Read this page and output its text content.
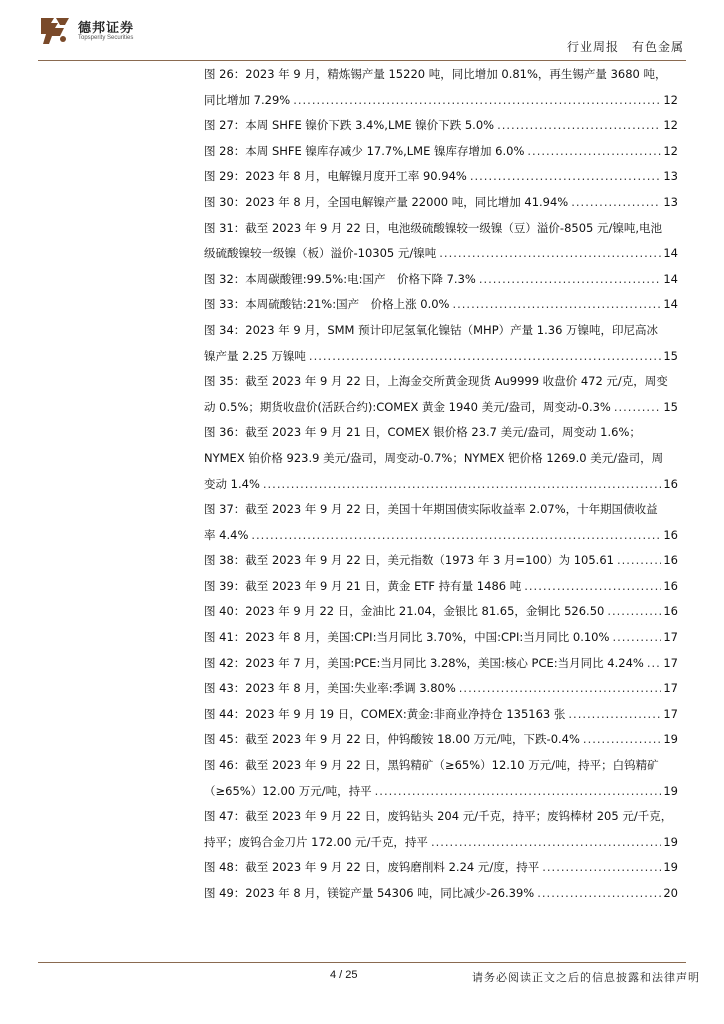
德邦证券
Topsperity Securities
行业周报　有色金属
图 26：2023 年 9 月，精炼锡产量 15220 吨，同比增加 0.81%，再生锡产量 3680 吨，
同比增加 7.29% .....	12
图 27：本周 SHFE 镍价下跌 3.4%,LME 镍价下跌 5.0% .....	12
图 28：本周 SHFE 镍库存减少 17.7%,LME 镍库存增加 6.0% .....	12
图 29：2023 年 8 月，电解镍月度开工率 90.94% .....	13
图 30：2023 年 8 月，全国电解镍产量 22000 吨，同比增加 41.94% .....	13
图 31：截至 2023 年 9 月 22 日，电池级硫酸镍较一级镍（豆）溢价-8505 元/镍吨,电池
级硫酸镍较一级镍（板）溢价-10305 元/镍吨 .....	14
图 32：本周碳酸锂:99.5%:电:国产　价格下降 7.3% .....	14
图 33：本周硫酸钴:21%:国产　价格上涨 0.0% .....	14
图 34：2023 年 9 月，SMM 预计印尼氢氧化镍钴（MHP）产量 1.36 万镍吨，印尼高冰
镍产量 2.25 万镍吨 .....	15
图 35：截至 2023 年 9 月 22 日，上海金交所黄金现货 Au9999 收盘价 472 元/克，周变
动 0.5%；期货收盘价(活跃合约):COMEX 黄金 1940 美元/盎司，周变动-0.3% .....	15
图 36：截至 2023 年 9 月 21 日，COMEX 银价格 23.7 美元/盎司，周变动 1.6%；
NYMEX 铂价格 923.9 美元/盎司，周变动-0.7%；NYMEX 钯价格 1269.0 美元/盎司，周
变动 1.4% .....	16
图 37：截至 2023 年 9 月 22 日，美国十年期国债实际收益率 2.07%，十年期国债收益
率 4.4% .....	16
图 38：截至 2023 年 9 月 22 日，美元指数（1973 年 3 月=100）为 105.61 .....	16
图 39：截至 2023 年 9 月 21 日，黄金 ETF 持有量 1486 吨 .....	16
图 40：2023 年 9 月 22 日，金油比 21.04，金银比 81.65，金铜比 526.50 .....	16
图 41：2023 年 8 月，美国:CPI:当月同比 3.70%，中国:CPI:当月同比 0.10% .....	17
图 42：2023 年 7 月，美国:PCE:当月同比 3.28%，美国:核心 PCE:当月同比 4.24% ..... 17
图 43：2023 年 8 月，美国:失业率:季调 3.80% .....	17
图 44：2023 年 9 月 19 日，COMEX:黄金:非商业净持仓 135163 张 .....	17
图 45：截至 2023 年 9 月 22 日，仲钨酸铵 18.00 万元/吨，下跌-0.4% .....	19
图 46：截至 2023 年 9 月 22 日，黑钨精矿（≥65%）12.10 万元/吨，持平；白钨精矿
（≥65%）12.00 万元/吨，持平 .....	19
图 47：截至 2023 年 9 月 22 日，废钨钻头 204 元/千克，持平；废钨棒材 205 元/千克，
持平；废钨合金刀片 172.00 元/千克，持平 .....	19
图 48：截至 2023 年 9 月 22 日，废钨磨削料 2.24 元/度，持平 .....	19
图 49：2023 年 8 月，镁锭产量 54306 吨，同比减少-26.39% .....	20
4 / 25	请务必阅读正文之后的信息披露和法律声明
